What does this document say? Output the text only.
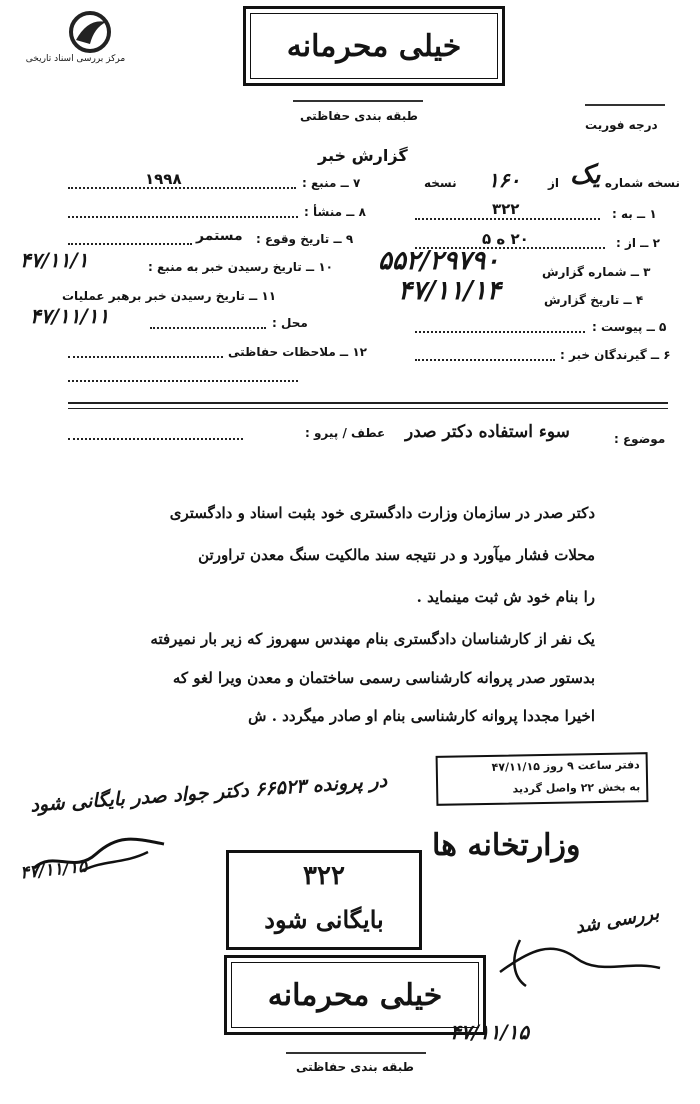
مرکز بررسی اسناد تاریخی	خیلی محرمانه
طبقه بندی حفاظتی
درجه فوریت
گزارش خبر
نسخه شماره
یک
از
۱۶۰
نسخه
۱ ــ به :
۳۲۲
۲ ــ از :
۲۰ ه ۵
۳ ــ شماره گزارش
۵۵۲/۲۹۷۹۰
۴ ــ تاریخ گزارش
۴۷/۱۱/۱۴
۵ ــ پیوست :
۶ ــ گیرندگان خبر :
۷ ــ منبع :
۱۹۹۸
۸ ــ منشأ :
۹ ــ تاریخ وقوع :
مستمر
۱۰ ــ تاریخ رسیدن خبر به منبع :
۴۷/۱۱/۱
۱۱ ــ تاریخ رسیدن خبر برهبر عملیات
۴۷/۱۱/۱۱	محل :
۱۲ ــ ملاحظات حفاظتی
موضوع :
سوء استفاده دکتر صدر
عطف / پیرو :
دکتر صدر در سازمان وزارت دادگستری خود بثبت اسناد و دادگستری
محلات فشار میآورد و در نتیجه سند مالکیت سنگ معدن تراورتن
را بنام خود ش ثبت مینماید .
یک نفر از کارشناسان دادگستری بنام مهندس سهروز که زیر بار نمیرفته
بدستور صدر پروانه کارشناسی رسمی ساختمان و معدن ویرا لغو که
اخیرا مجددا پروانه کارشناسی بنام او صادر میگردد . ش
دفتر ساعت ۹ روز ۴۷/۱۱/۱۵
به بخش ۲۲ واصل گردید
در پرونده ۶۶۵۲۳ دکتر جواد صدر بایگانی شود
۴۷/۱۱/۱۵
وزارتخانه ها
۳۲۲
بایگانی شود
خیلی محرمانه
طبقه بندی حفاظتی
بررسی شد
۴۷/۱۱/۱۵
